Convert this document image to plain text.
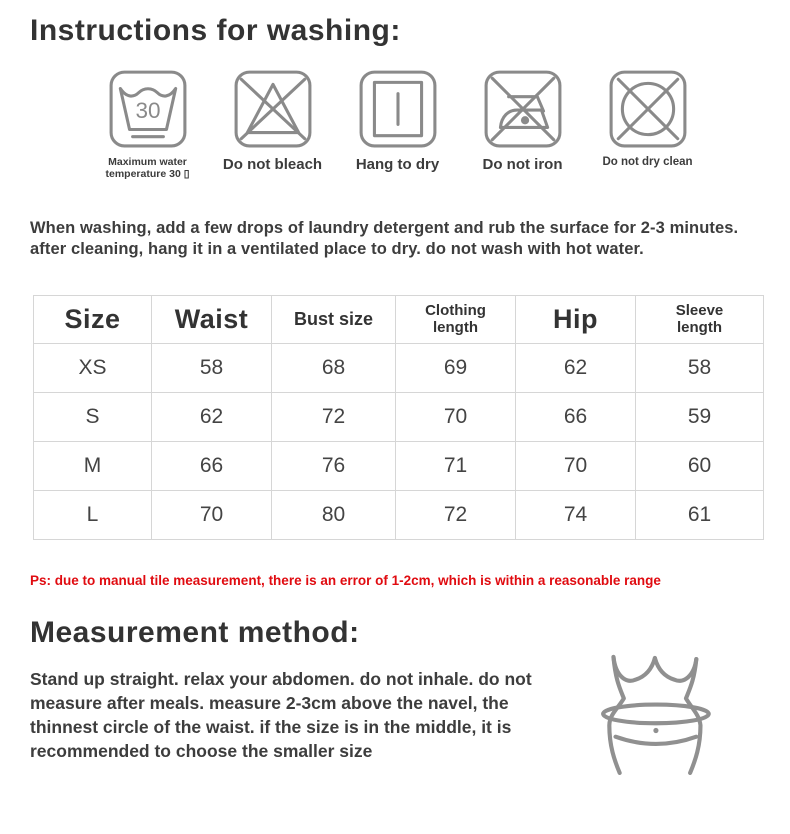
Instructions for washing:
30
Maximum water temperature 30 ▯
Do not bleach Hang to dry	Do not iron	Do not dry clean
When washing, add a few drops of laundry detergent and rub the surface for 2-3 minutes. after cleaning, hang it in a ventilated place to dry. do not wash with hot water.
Size	Waist	Bust size	Clothing length	Hip	Sleeve length

XS	58	68	69	62	58
S	62	72	70	66	59
M	66	76	71	70	60
L	70	80	72	74	61
Ps: due to manual tile measurement, there is an error of 1-2cm, which is within a reasonable range
Measurement method:
Stand up straight. relax your abdomen. do not inhale. do not measure after meals. measure 2-3cm above the navel, the thinnest circle of the waist. if the size is in the middle, it is recommended to choose the smaller size
